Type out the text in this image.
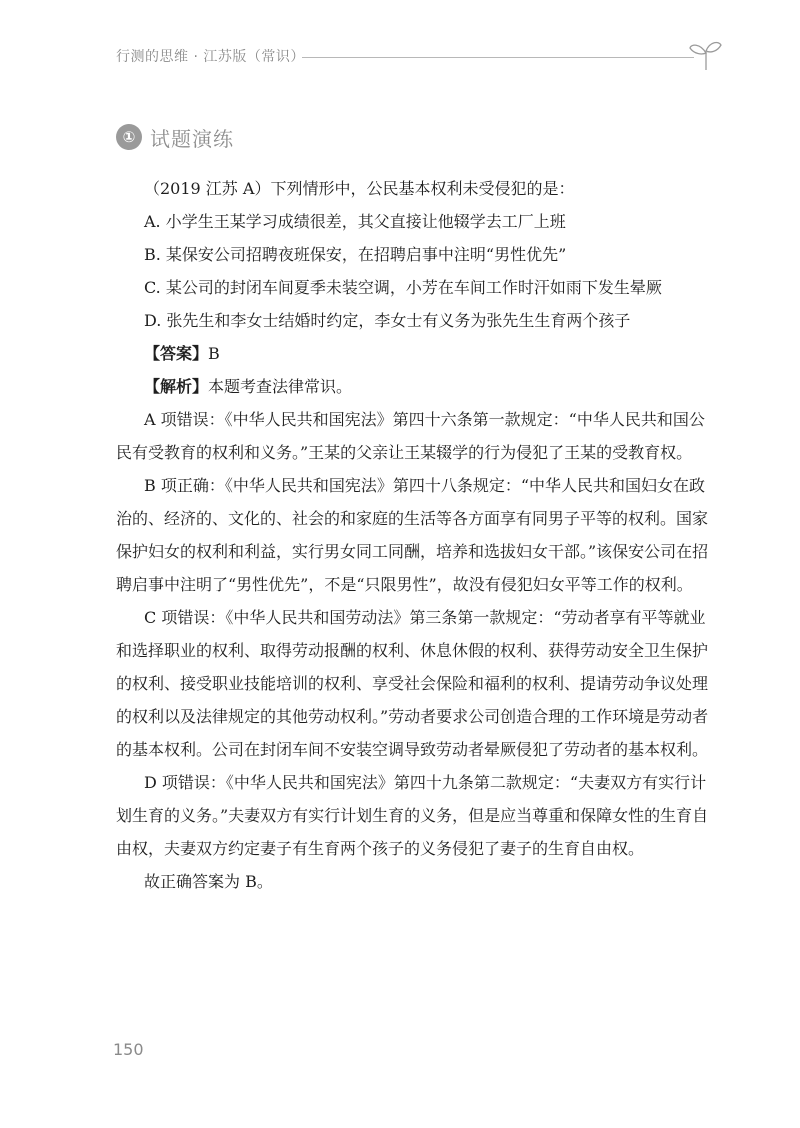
行测的思维 · 江苏版（常识）
① 试题演练

（2019 江苏 A）下列情形中，公民基本权利未受侵犯的是：

A. 小学生王某学习成绩很差，其父直接让他辍学去工厂上班

B. 某保安公司招聘夜班保安，在招聘启事中注明“男性优先”

C. 某公司的封闭车间夏季未装空调，小芳在车间工作时汗如雨下发生晕厥

D. 张先生和李女士结婚时约定，李女士有义务为张先生生育两个孩子

【答案】B

【解析】本题考查法律常识。

A 项错误：《中华人民共和国宪法》第四十六条第一款规定：“中华人民共和国公民有受教育的权利和义务。”王某的父亲让王某辍学的行为侵犯了王某的受教育权。

B 项正确：《中华人民共和国宪法》第四十八条规定：“中华人民共和国妇女在政治的、经济的、文化的、社会的和家庭的生活等各方面享有同男子平等的权利。国家保护妇女的权利和利益，实行男女同工同酬，培养和选拔妇女干部。”该保安公司在招聘启事中注明了“男性优先”，不是“只限男性”，故没有侵犯妇女平等工作的权利。

C 项错误：《中华人民共和国劳动法》第三条第一款规定：“劳动者享有平等就业和选择职业的权利、取得劳动报酬的权利、休息休假的权利、获得劳动安全卫生保护的权利、接受职业技能培训的权利、享受社会保险和福利的权利、提请劳动争议处理的权利以及法律规定的其他劳动权利。”劳动者要求公司创造合理的工作环境是劳动者的基本权利。公司在封闭车间不安装空调导致劳动者晕厥侵犯了劳动者的基本权利。

D 项错误：《中华人民共和国宪法》第四十九条第二款规定：“夫妻双方有实行计划生育的义务。”夫妻双方有实行计划生育的义务，但是应当尊重和保障女性的生育自由权，夫妻双方约定妻子有生育两个孩子的义务侵犯了妻子的生育自由权。

故正确答案为 B。

150
